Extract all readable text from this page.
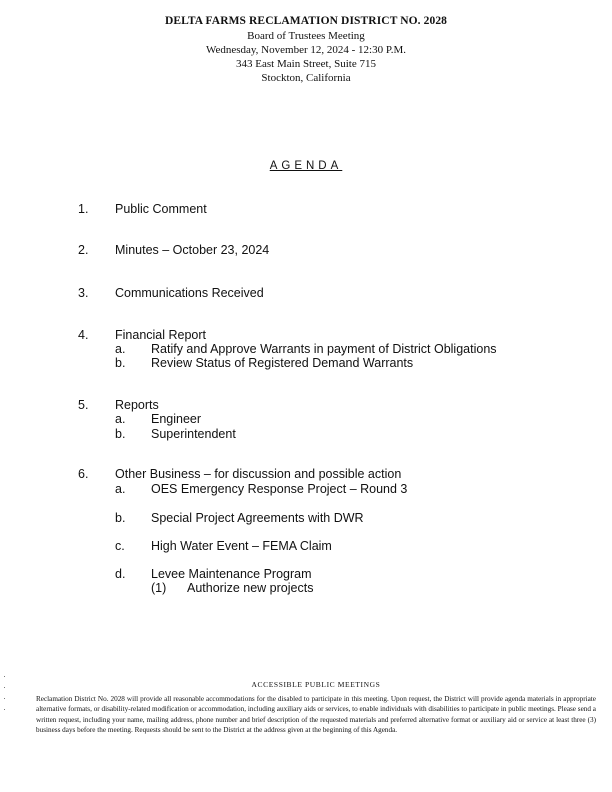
DELTA FARMS RECLAMATION DISTRICT NO. 2028
Board of Trustees Meeting
Wednesday, November 12, 2024 - 12:30 P.M.
343 East Main Street, Suite 715
Stockton, California
AGENDA
1. Public Comment
2. Minutes – October 23, 2024
3. Communications Received
4. Financial Report
a. Ratify and Approve Warrants in payment of District Obligations
b. Review Status of Registered Demand Warrants
5. Reports
a. Engineer
b. Superintendent
6. Other Business – for discussion and possible action
a. OES Emergency Response Project – Round 3
b. Special Project Agreements with DWR
c. High Water Event – FEMA Claim
d. Levee Maintenance Program
(1) Authorize new projects
ACCESSIBLE PUBLIC MEETINGS
Reclamation District No. 2028 will provide all reasonable accommodations for the disabled to participate in this meeting. Upon request, the District will provide agenda materials in appropriate alternative formats, or disability-related modification or accommodation, including auxiliary aids or services, to enable individuals with disabilities to participate in public meetings. Please send a written request, including your name, mailing address, phone number and brief description of the requested materials and preferred alternative format or auxiliary aid or service at least three (3) business days before the meeting. Requests should be sent to the District at the address given at the beginning of this Agenda.
